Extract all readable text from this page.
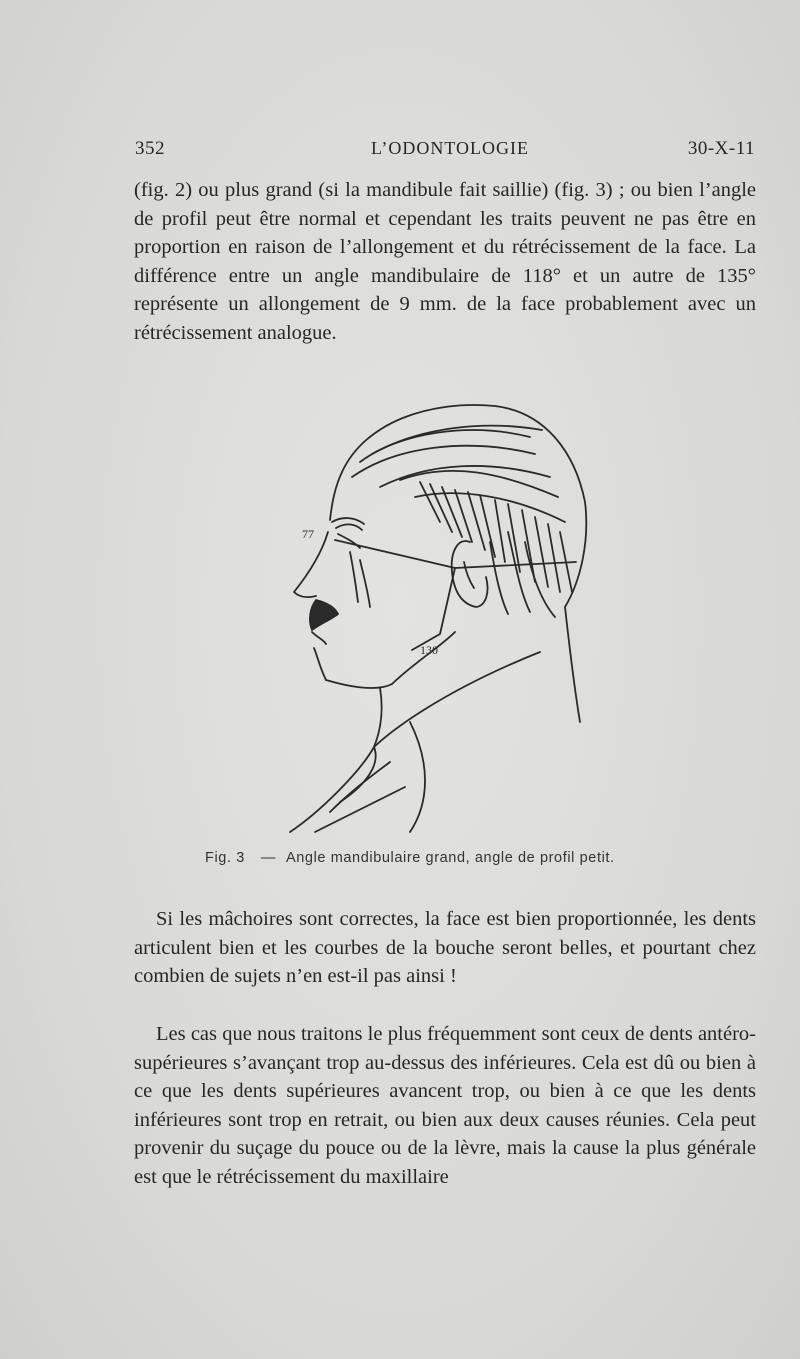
352	L’ODONTOLOGIE	30-X-11

(fig. 2) ou plus grand (si la mandibule fait saillie) (fig. 3) ; ou bien l’angle de profil peut être normal et cependant les traits peuvent ne pas être en proportion en raison de l’allongement et du rétrécissement de la face. La différence entre un angle mandibulaire de 118° et un autre de 135° représente un allongement de 9 mm. de la face probablement avec un rétrécissement analogue.

77
130
Fig. 3 — Angle mandibulaire grand, angle de profil petit.

Si les mâchoires sont correctes, la face est bien proportionnée, les dents articulent bien et les courbes de la bouche seront belles, et pourtant chez combien de sujets n’en est-il pas ainsi !

Les cas que nous traitons le plus fréquemment sont ceux de dents antéro-supérieures s’avançant trop au-dessus des inférieures. Cela est dû ou bien à ce que les dents supérieures avancent trop, ou bien à ce que les dents inférieures sont trop en retrait, ou bien aux deux causes réunies. Cela peut provenir du suçage du pouce ou de la lèvre, mais la cause la plus générale est que le rétrécissement du maxillaire
